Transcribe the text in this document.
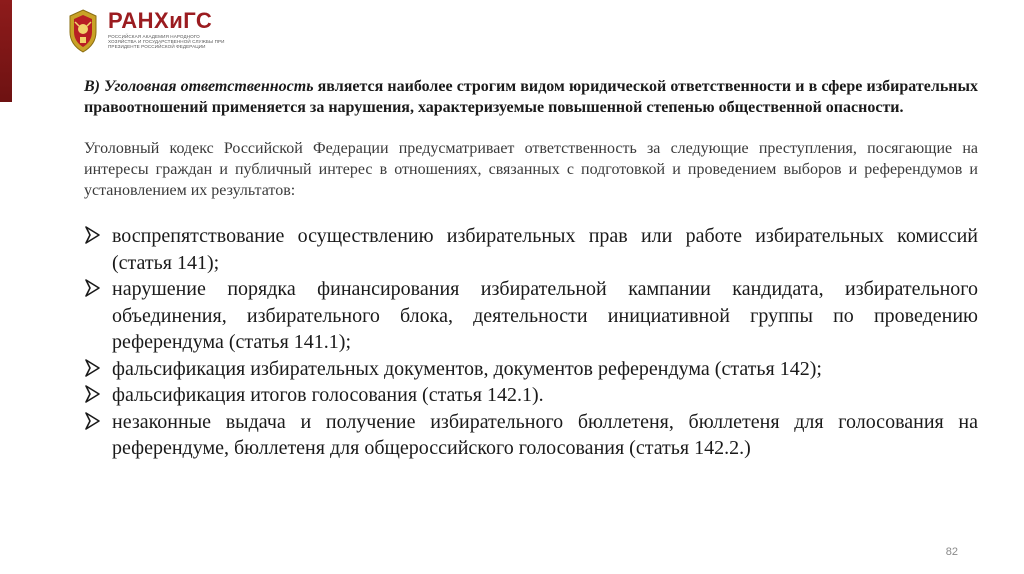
РАНХиГС
РОССИЙСКАЯ АКАДЕМИЯ НАРОДНОГО ХОЗЯЙСТВА И ГОСУДАРСТВЕННОЙ СЛУЖБЫ ПРИ ПРЕЗИДЕНТЕ РОССИЙСКОЙ ФЕДЕРАЦИИ

В) Уголовная ответственность является наиболее строгим видом юридической ответственности и в сфере избирательных правоотношений применяется за нарушения, характеризуемые повышенной степенью общественной опасности.

Уголовный кодекс Российской Федерации предусматривает ответственность за следующие преступления, посягающие на интересы граждан и публичный интерес в отношениях, связанных с подготовкой и проведением выборов и референдумов и установлением их результатов:

воспрепятствование осуществлению избирательных прав или работе избирательных комиссий (статья 141);
нарушение порядка финансирования избирательной кампании кандидата, избирательного объединения, избирательного блока, деятельности инициативной группы по проведению референдума (статья 141.1);
фальсификация избирательных документов, документов референдума (статья 142);
фальсификация итогов голосования (статья 142.1).
незаконные выдача и получение избирательного бюллетеня, бюллетеня для голосования на референдуме, бюллетеня для общероссийского голосования (статья 142.2.)
82
